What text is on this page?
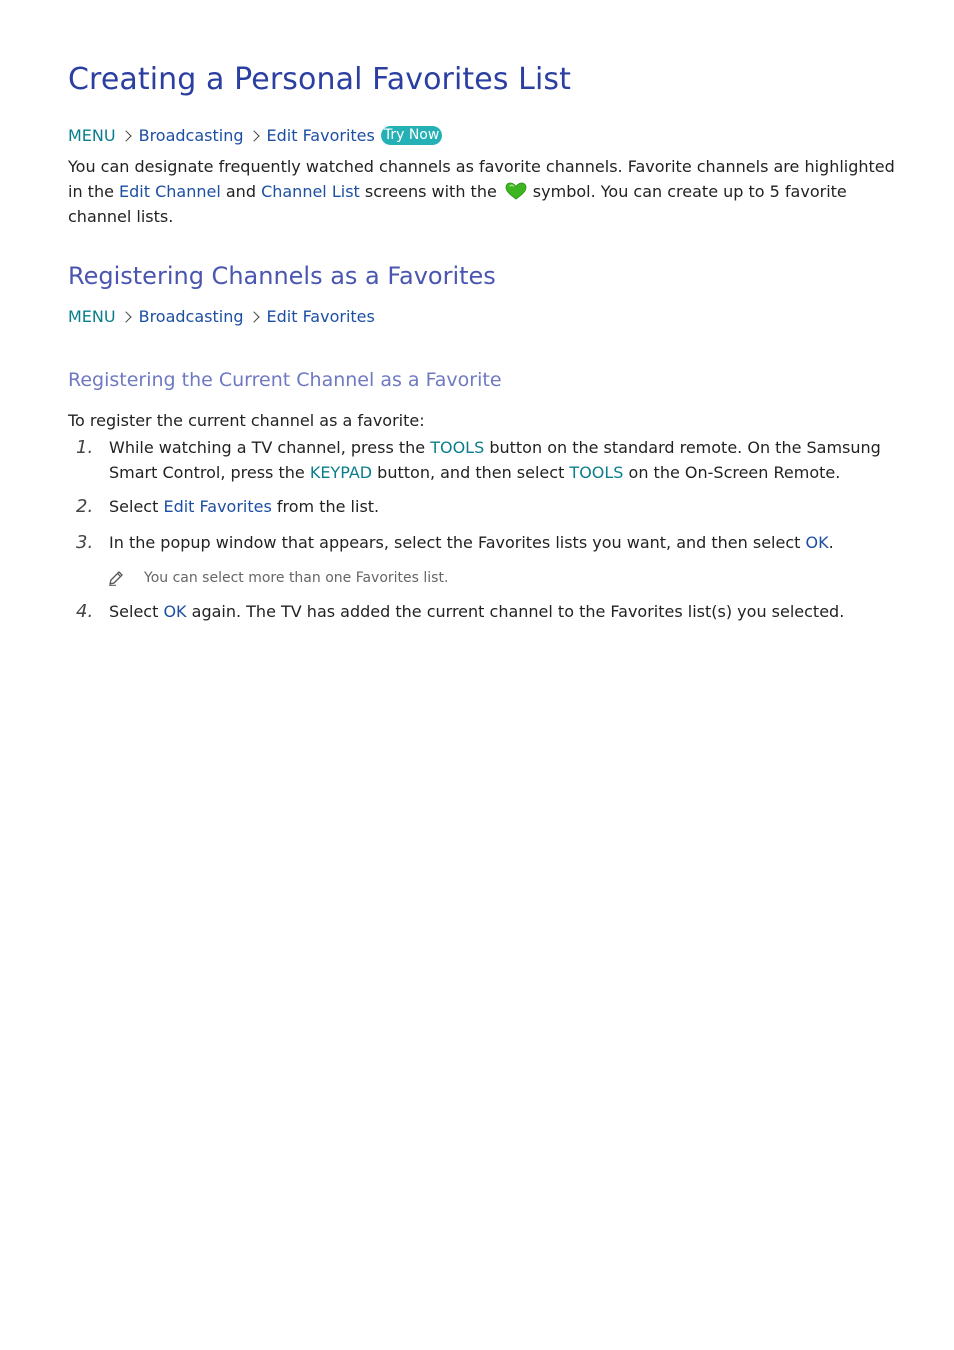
Creating a Personal Favorites List
MENU Broadcasting Edit Favorites Try Now
You can designate frequently watched channels as favorite channels. Favorite channels are highlighted in the Edit Channel and Channel List screens with the symbol. You can create up to 5 favorite channel lists.
Registering Channels as a Favorites
MENU Broadcasting Edit Favorites
Registering the Current Channel as a Favorite
To register the current channel as a favorite:
1. While watching a TV channel, press the TOOLS button on the standard remote. On the Samsung Smart Control, press the KEYPAD button, and then select TOOLS on the On-Screen Remote.
2. Select Edit Favorites from the list.
3. In the popup window that appears, select the Favorites lists you want, and then select OK.
You can select more than one Favorites list.
4. Select OK again. The TV has added the current channel to the Favorites list(s) you selected.
